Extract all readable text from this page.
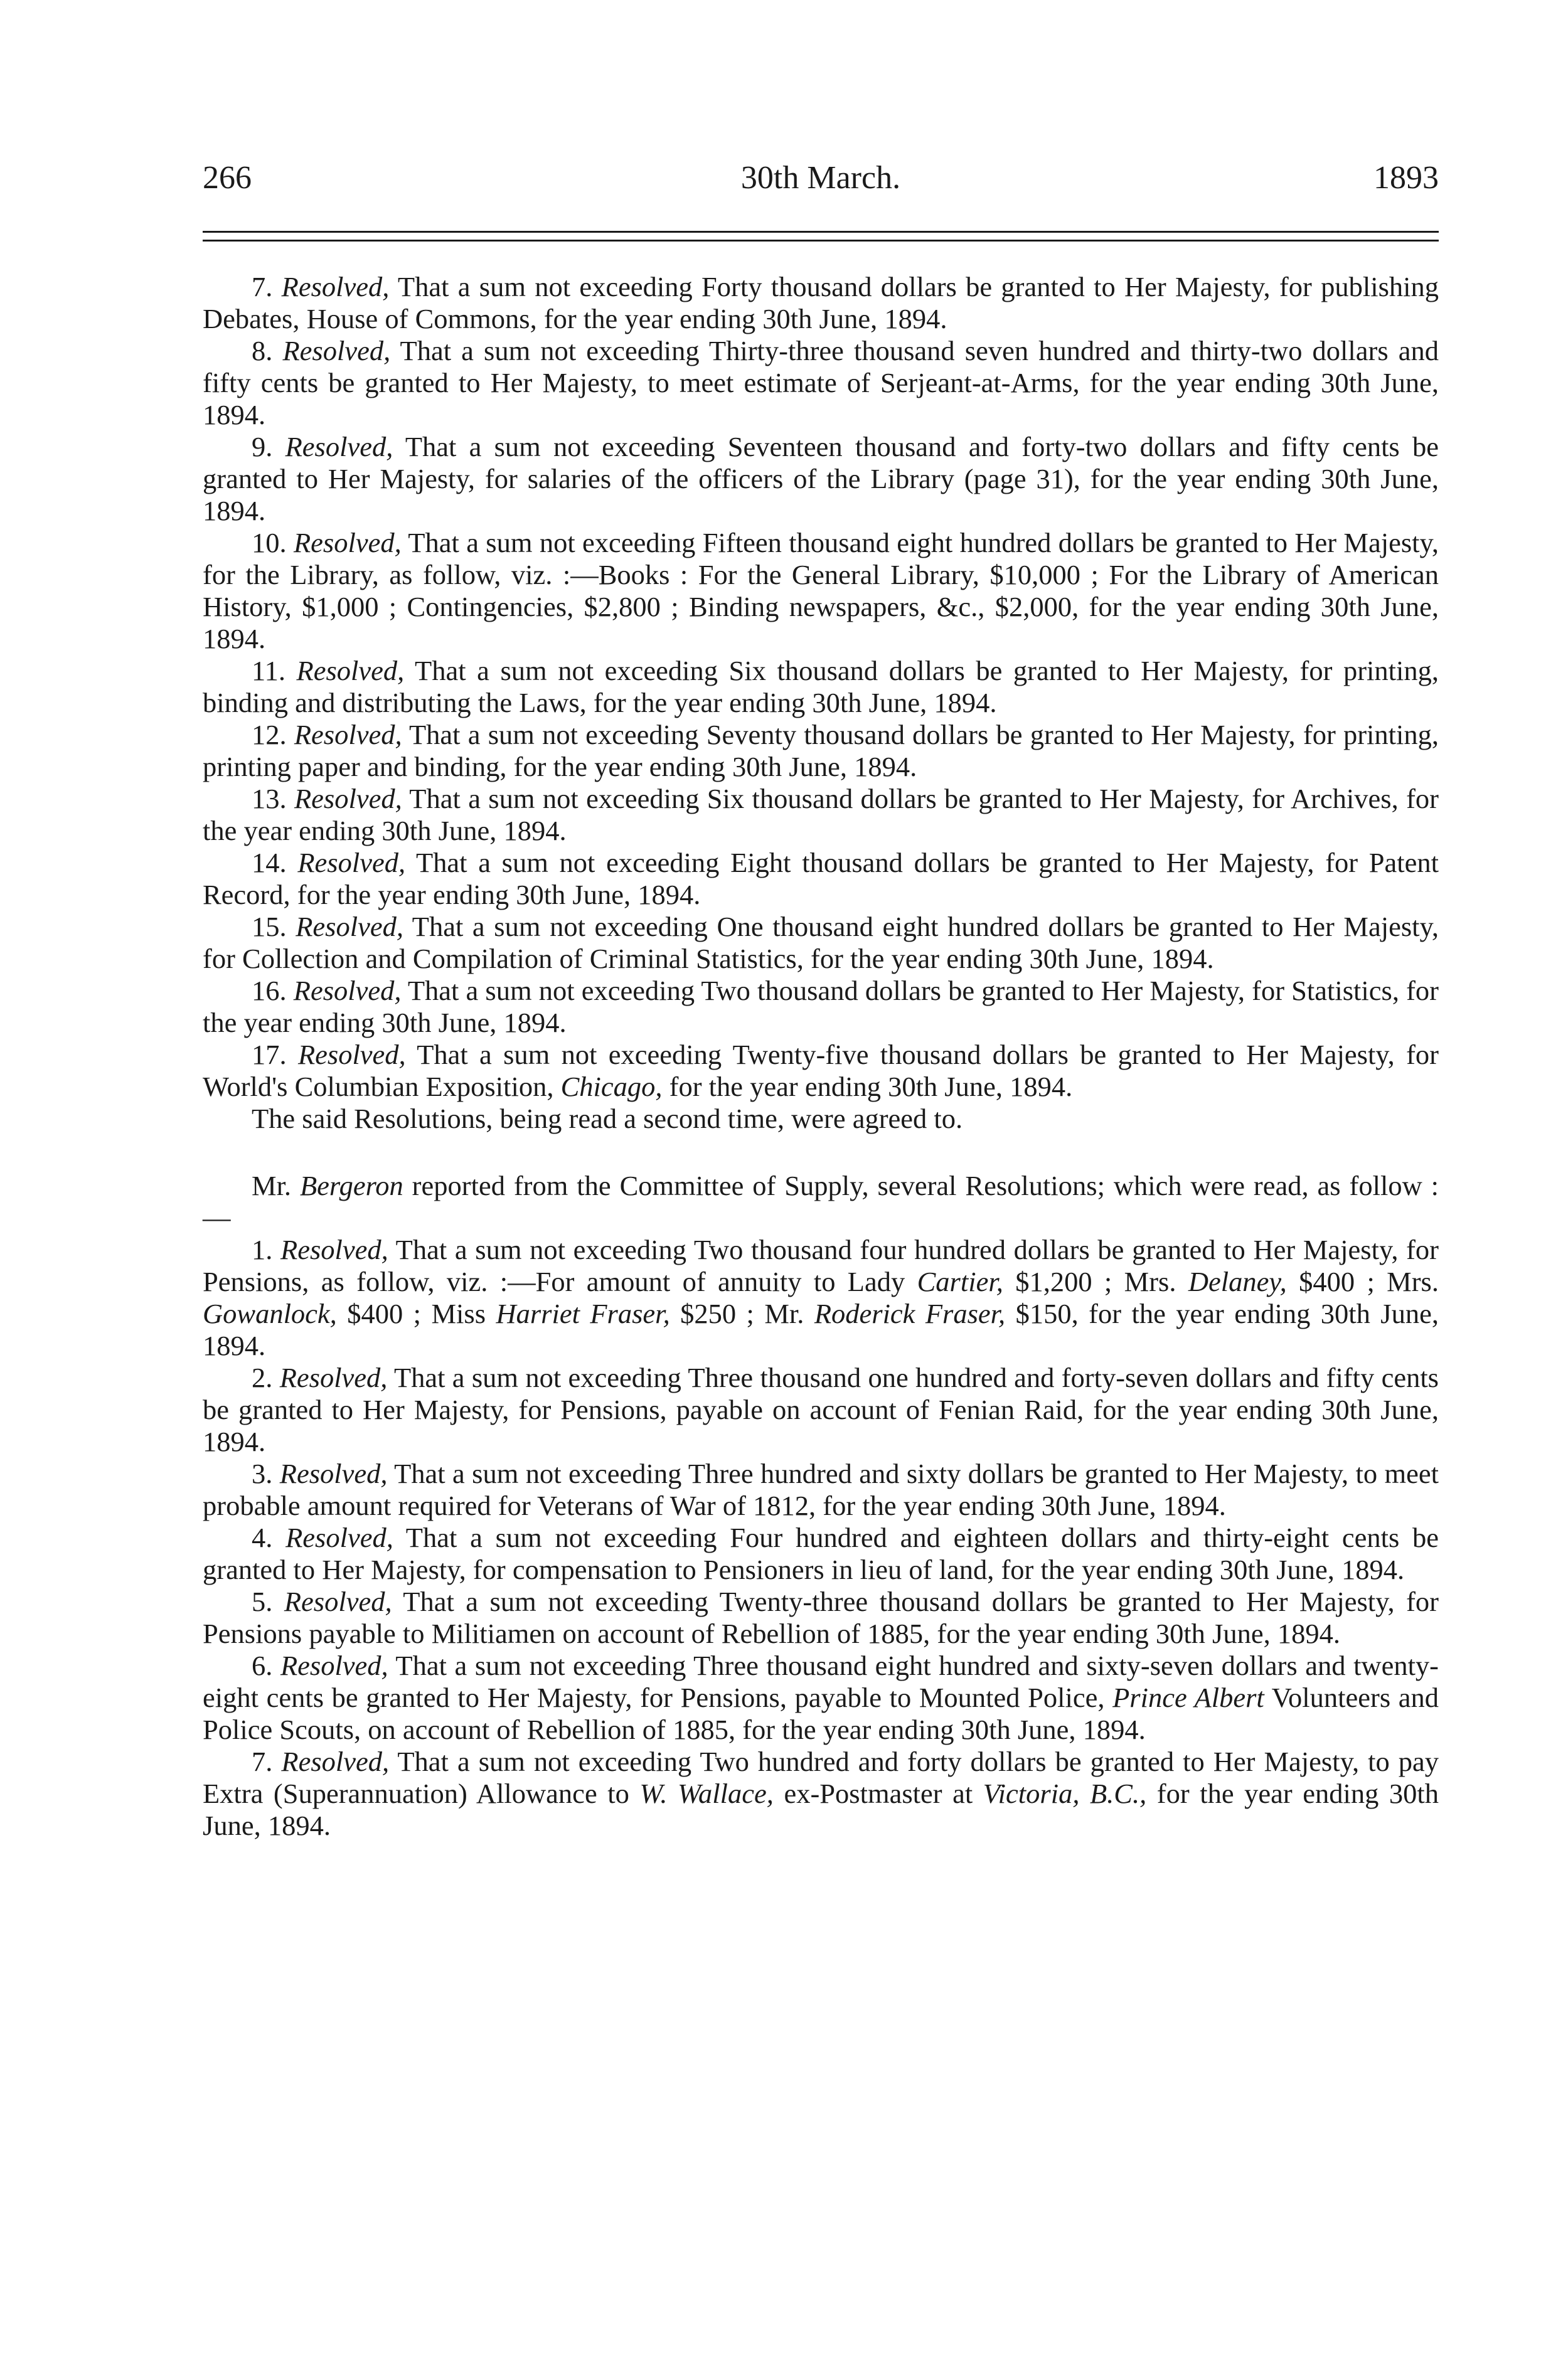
266	30th March.	1893

7. Resolved, That a sum not exceeding Forty thousand dollars be granted to Her Majesty, for publishing Debates, House of Commons, for the year ending 30th June, 1894.

8. Resolved, That a sum not exceeding Thirty-three thousand seven hundred and thirty-two dollars and fifty cents be granted to Her Majesty, to meet estimate of Serjeant-at-Arms, for the year ending 30th June, 1894.

9. Resolved, That a sum not exceeding Seventeen thousand and forty-two dollars and fifty cents be granted to Her Majesty, for salaries of the officers of the Library (page 31), for the year ending 30th June, 1894.

10. Resolved, That a sum not exceeding Fifteen thousand eight hundred dollars be granted to Her Majesty, for the Library, as follow, viz. :—Books : For the General Library, $10,000 ; For the Library of American History, $1,000 ; Contingencies, $2,800 ; Binding newspapers, &c., $2,000, for the year ending 30th June, 1894.

11. Resolved, That a sum not exceeding Six thousand dollars be granted to Her Majesty, for printing, binding and distributing the Laws, for the year ending 30th June, 1894.

12. Resolved, That a sum not exceeding Seventy thousand dollars be granted to Her Majesty, for printing, printing paper and binding, for the year ending 30th June, 1894.

13. Resolved, That a sum not exceeding Six thousand dollars be granted to Her Majesty, for Archives, for the year ending 30th June, 1894.

14. Resolved, That a sum not exceeding Eight thousand dollars be granted to Her Majesty, for Patent Record, for the year ending 30th June, 1894.

15. Resolved, That a sum not exceeding One thousand eight hundred dollars be granted to Her Majesty, for Collection and Compilation of Criminal Statistics, for the year ending 30th June, 1894.

16. Resolved, That a sum not exceeding Two thousand dollars be granted to Her Majesty, for Statistics, for the year ending 30th June, 1894.

17. Resolved, That a sum not exceeding Twenty-five thousand dollars be granted to Her Majesty, for World's Columbian Exposition, Chicago, for the year ending 30th June, 1894.

The said Resolutions, being read a second time, were agreed to.

Mr. Bergeron reported from the Committee of Supply, several Resolutions; which were read, as follow :—

1. Resolved, That a sum not exceeding Two thousand four hundred dollars be granted to Her Majesty, for Pensions, as follow, viz. :—For amount of annuity to Lady Cartier, $1,200 ; Mrs. Delaney, $400 ; Mrs. Gowanlock, $400 ; Miss Harriet Fraser, $250 ; Mr. Roderick Fraser, $150, for the year ending 30th June, 1894.

2. Resolved, That a sum not exceeding Three thousand one hundred and forty-seven dollars and fifty cents be granted to Her Majesty, for Pensions, payable on account of Fenian Raid, for the year ending 30th June, 1894.

3. Resolved, That a sum not exceeding Three hundred and sixty dollars be granted to Her Majesty, to meet probable amount required for Veterans of War of 1812, for the year ending 30th June, 1894.

4. Resolved, That a sum not exceeding Four hundred and eighteen dollars and thirty-eight cents be granted to Her Majesty, for compensation to Pensioners in lieu of land, for the year ending 30th June, 1894.

5. Resolved, That a sum not exceeding Twenty-three thousand dollars be granted to Her Majesty, for Pensions payable to Militiamen on account of Rebellion of 1885, for the year ending 30th June, 1894.

6. Resolved, That a sum not exceeding Three thousand eight hundred and sixty-seven dollars and twenty-eight cents be granted to Her Majesty, for Pensions, payable to Mounted Police, Prince Albert Volunteers and Police Scouts, on account of Rebellion of 1885, for the year ending 30th June, 1894.

7. Resolved, That a sum not exceeding Two hundred and forty dollars be granted to Her Majesty, to pay Extra (Superannuation) Allowance to W. Wallace, ex-Postmaster at Victoria, B.C., for the year ending 30th June, 1894.
